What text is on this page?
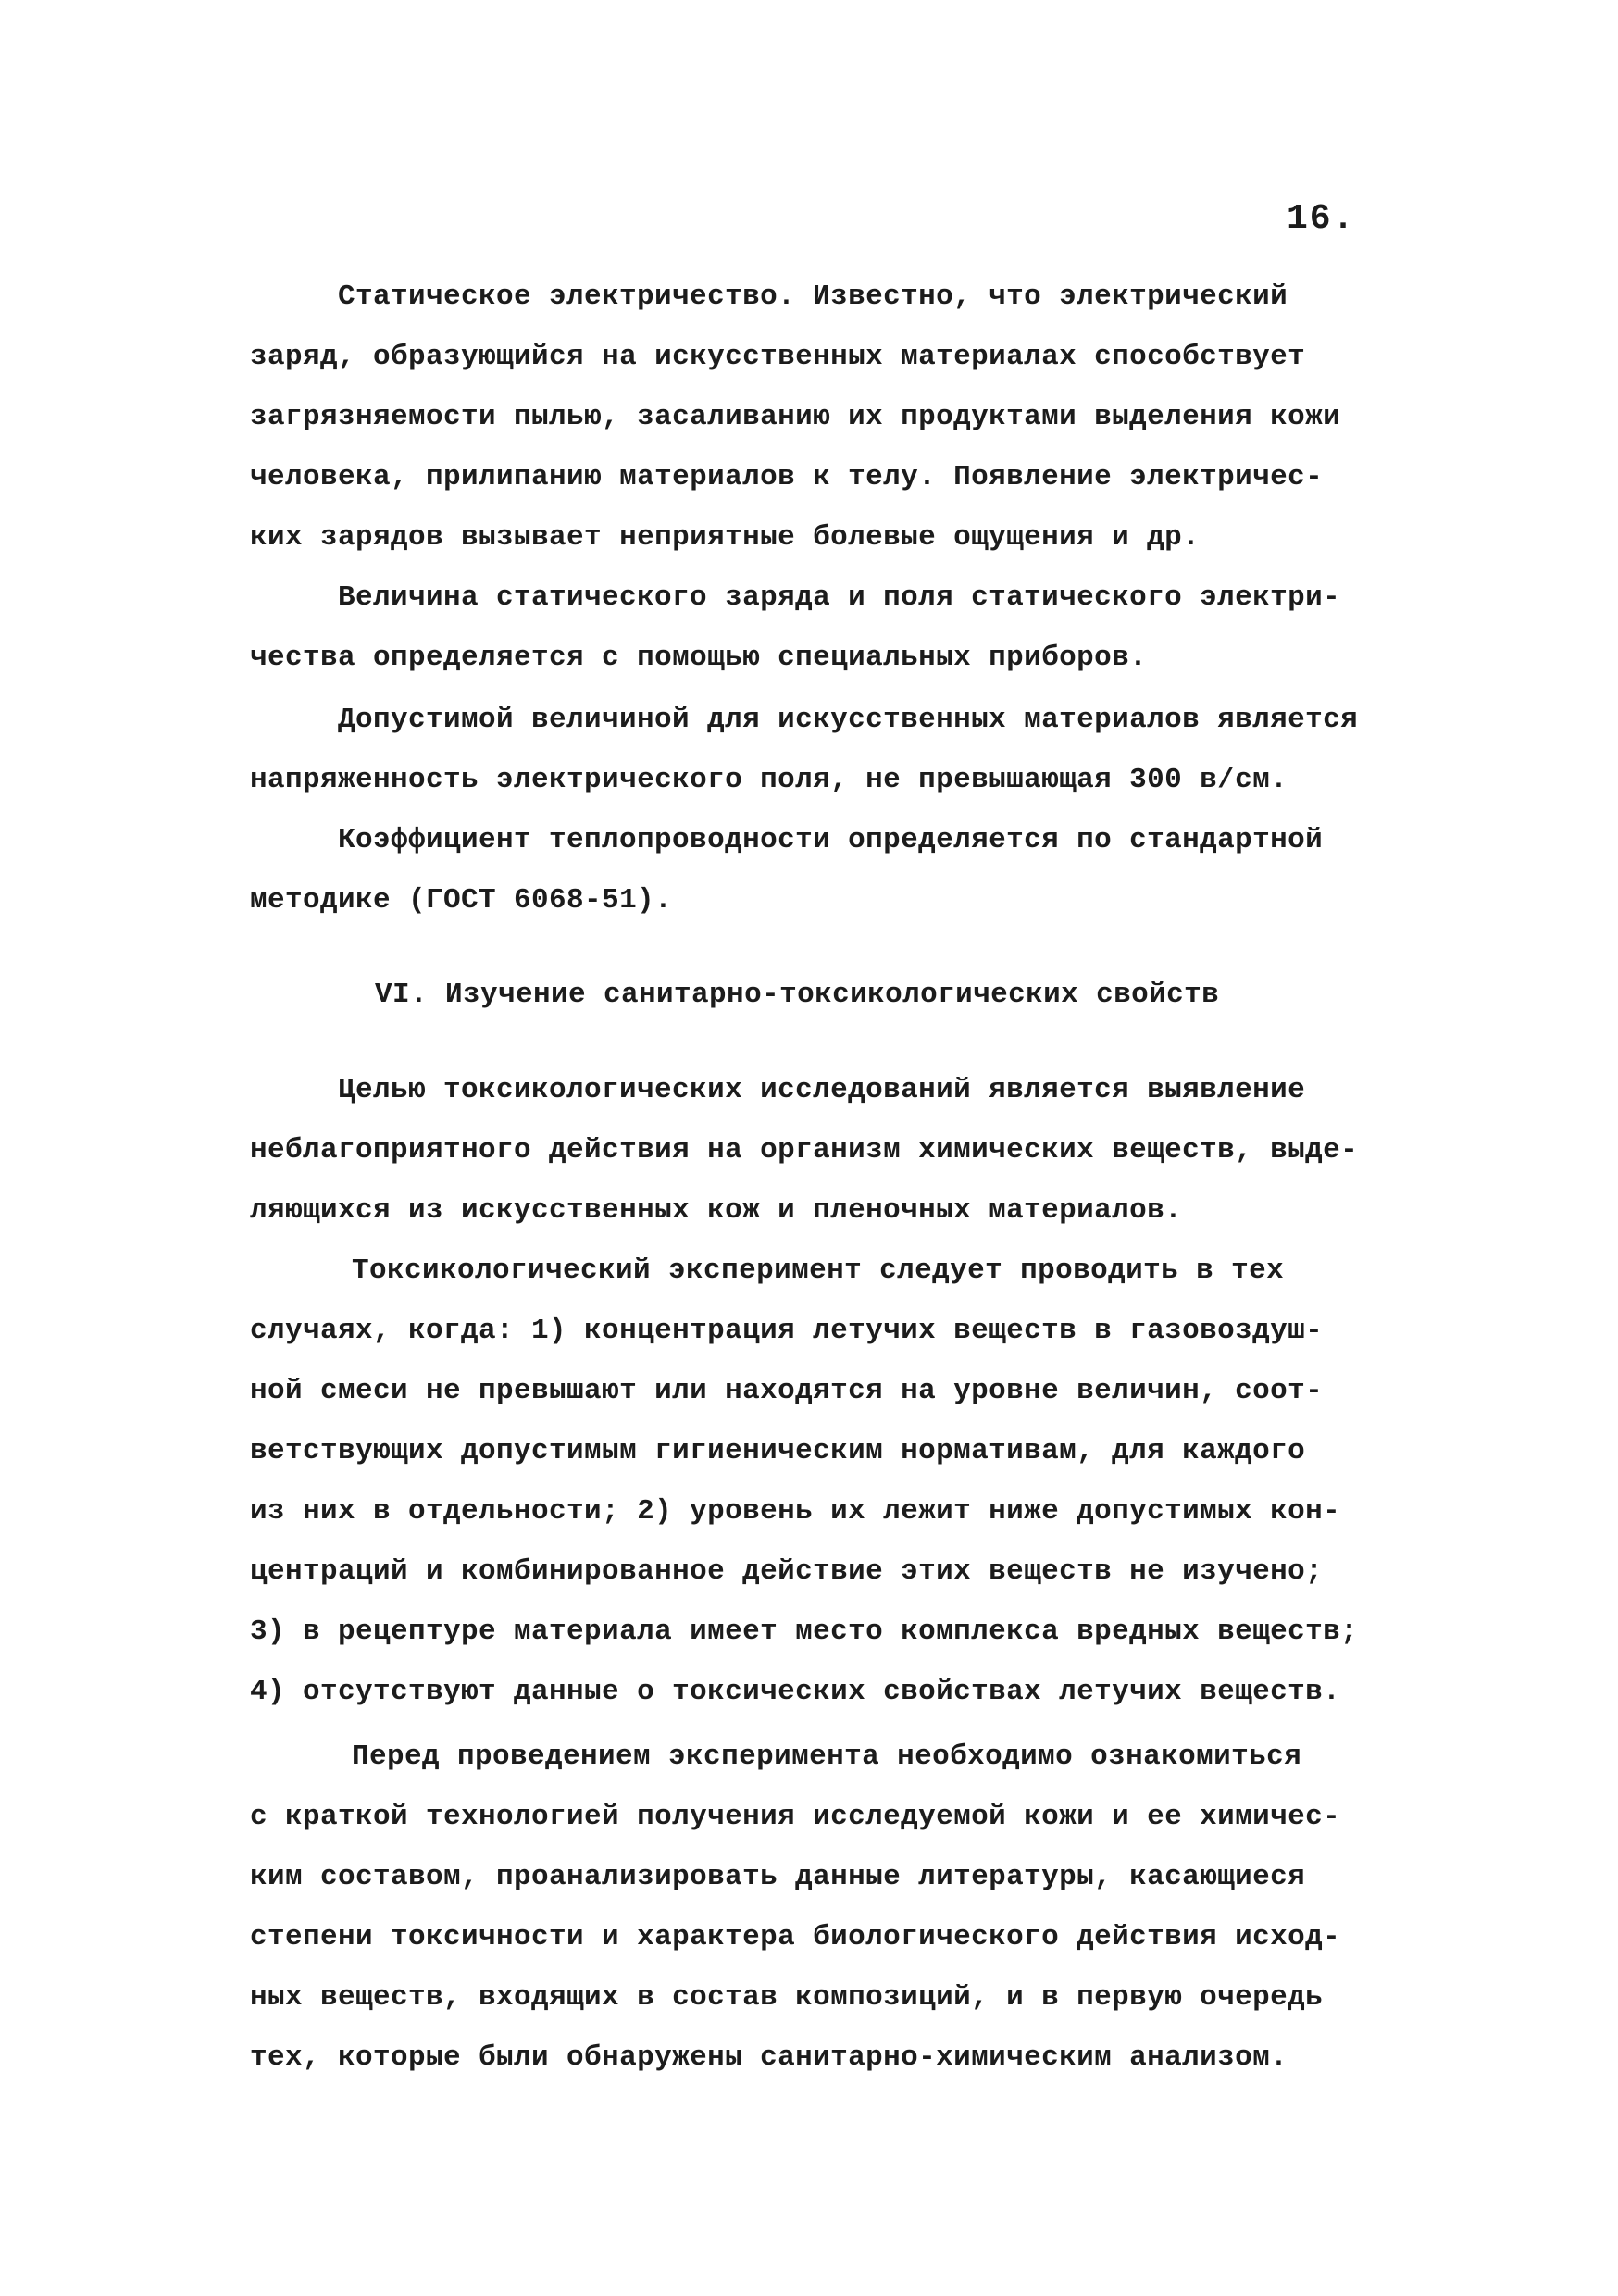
16.
Статическое электричество. Известно, что электрический
заряд, образующийся на искусственных материалах способствует
загрязняемости пылью, засаливанию их продуктами выделения кожи
человека, прилипанию материалов к телу. Появление электричес-
ких зарядов вызывает неприятные болевые ощущения и др.
Величина статического заряда и поля статического электри-
чества определяется с помощью специальных приборов.
Допустимой величиной для искусственных материалов является
напряженность электрического поля, не превышающая 300 в/см.
Коэффициент теплопроводности определяется по стандартной
методике (ГОСТ 6068-51).
VI. Изучение санитарно-токсикологических свойств
Целью токсикологических исследований является выявление
неблагоприятного действия на организм химических веществ, выде-
ляющихся из искусственных кож и пленочных материалов.
Токсикологический эксперимент следует проводить в тех
случаях, когда: 1) концентрация летучих веществ в газовоздуш-
ной смеси не превышают или находятся на уровне величин, соот-
ветствующих допустимым гигиеническим нормативам, для каждого
из них в отдельности; 2) уровень их лежит ниже допустимых кон-
центраций и комбинированное действие этих веществ не изучено;
3) в рецептуре материала имеет место комплекса вредных веществ;
4) отсутствуют данные о токсических свойствах летучих веществ.
Перед проведением эксперимента необходимо ознакомиться
с краткой технологией получения исследуемой кожи и ее химичес-
ким составом, проанализировать данные литературы, касающиеся
степени токсичности и характера биологического действия исход-
ных веществ, входящих в состав композиций, и в первую очередь
тех, которые были обнаружены санитарно-химическим анализом.
